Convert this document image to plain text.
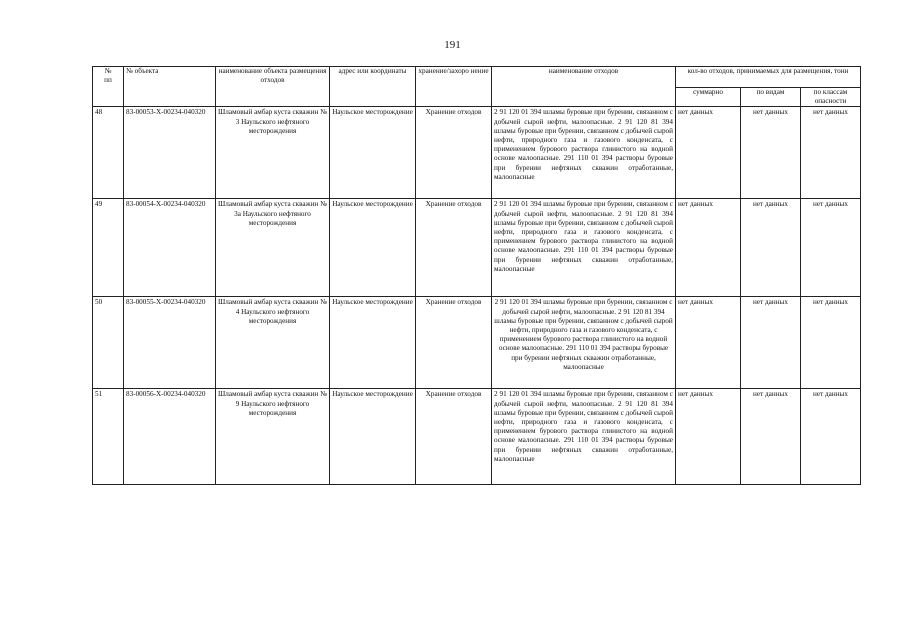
191
№
пп	№ объекта	наименование объекта размещения отходов	адрес или координаты	хранение/захоро нение	наименование отходов	кол-во отходов, принимаемых для размещения, тонн		
						суммарно	по видам	по классам опасности
48	83-00053-Х-00234-040320	Шламовый амбар куста скважин № 3 Наульского нефтяного месторождения	Наульское месторождение	Хранение отходов	2 91 120 01 394 шламы буровые при бурении, связанном с добычей сырой нефти, малоопасные. 2 91 120 81 394 шламы буровые при бурении, связанном с добычей сырой нефти, природного газа и газового конденсата, с применением бурового раствора глинистого на водной основе малоопасные. 291 110 01 394 растворы буровые при бурении нефтяных скважин отработанные, малоопасные	нет данных	нет данных	нет данных
49	83-00054-Х-00234-040320	Шламовый амбар куста скважин № 3а Наульского нефтяного месторождения	Наульское месторождение	Хранение отходов	2 91 120 01 394 шламы буровые при бурении, связанном с добычей сырой нефти, малоопасные. 2 91 120 81 394 шламы буровые при бурении, связанном с добычей сырой нефти, природного газа и газового конденсата, с применением бурового раствора глинистого на водной основе малоопасные. 291 110 01 394 растворы буровые при бурении нефтяных скважин отработанные, малоопасные	нет данных	нет данных	нет данных
50	83-00055-Х-00234-040320	Шламовый амбар куста скважин № 4 Наульского нефтяного месторождения	Наульское месторождение	Хранение отходов	2 91 120 01 394 шламы буровые при бурении, связанном с добычей сырой нефти, малоопасные. 2 91 120 81 394 шламы буровые при бурении, связанном с добычей сырой нефти, природного газа и газового конденсата, с применением бурового раствора глинистого на водной основе малоопасные. 291 110 01 394 растворы буровые при бурении нефтяных скважин отработанные, малоопасные	нет данных	нет данных	нет данных
51	83-00056-Х-00234-040320	Шламовый амбар куста скважин № 9 Наульского нефтяного месторождения	Наульское месторождение	Хранение отходов	2 91 120 01 394 шламы буровые при бурении, связанном с добычей сырой нефти, малоопасные. 2 91 120 81 394 шламы буровые при бурении, связанном с добычей сырой нефти, природного газа и газового конденсата, с применением бурового раствора глинистого на водной основе малоопасные. 291 110 01 394 растворы буровые при бурении нефтяных скважин отработанные, малоопасные	нет данных	нет данных	нет данных
